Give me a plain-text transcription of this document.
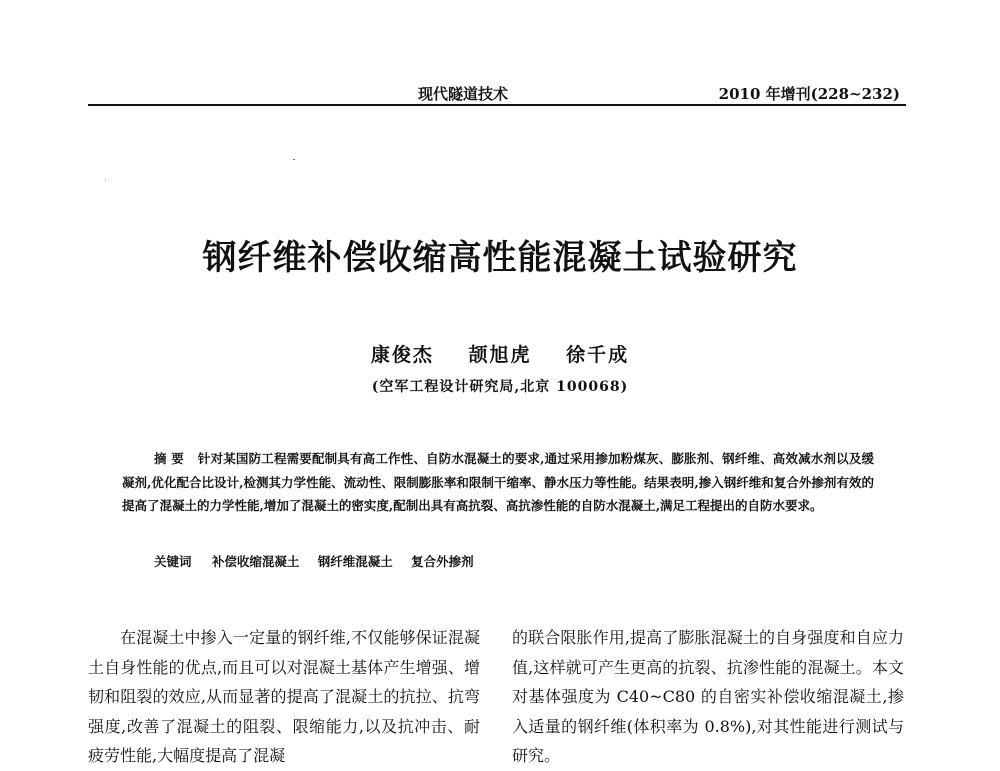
现代隧道技术	2010 年增刊(228~232)
钢纤维补偿收缩高性能混凝土试验研究
康俊杰 颉旭虎 徐千成
(空军工程设计研究局,北京 100068)
摘 要 针对某国防工程需要配制具有高工作性、自防水混凝土的要求,通过采用掺加粉煤灰、膨胀剂、钢纤维、高效减水剂以及缓凝剂,优化配合比设计,检测其力学性能、流动性、限制膨胀率和限制干缩率、静水压力等性能。结果表明,掺入钢纤维和复合外掺剂有效的提高了混凝土的力学性能,增加了混凝土的密实度,配制出具有高抗裂、高抗渗性能的自防水混凝土,满足工程提出的自防水要求。
关键词 补偿收缩混凝土 钢纤维混凝土 复合外掺剂
在混凝土中掺入一定量的钢纤维,不仅能够保证混凝土自身性能的优点,而且可以对混凝土基体产生增强、增韧和阻裂的效应,从而显著的提高了混凝土的抗拉、抗弯强度,改善了混凝土的阻裂、限缩能力,以及抗冲击、耐疲劳性能,大幅度提高了混凝
的联合限胀作用,提高了膨胀混凝土的自身强度和自应力值,这样就可产生更高的抗裂、抗渗性能的混凝土。本文对基体强度为 C40~C80 的自密实补偿收缩混凝土,掺入适量的钢纤维(体积率为 0.8%),对其性能进行测试与研究。
